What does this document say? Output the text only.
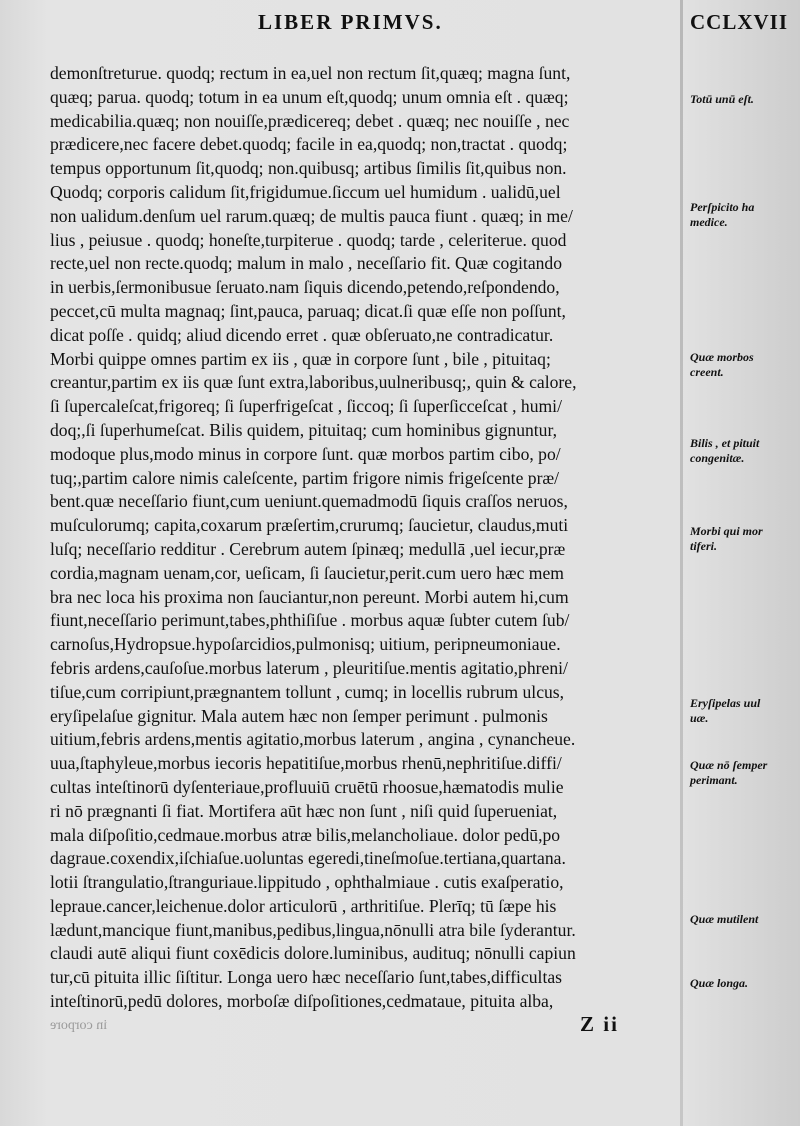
LIBER PRIMVS.	CCLXVII
demonſtreturue. quodq; rectum in ea,uel non rectum ſit,quæq; magna ſunt,
quæq; parua. quodq; totum in ea unum eſt,quodq; unum omnia eſt . quæq;
medicabilia.quæq; non nouiſſe,prædicereq; debet . quæq; nec nouiſſe , nec
prædicere,nec facere debet.quodq; facile in ea,quodq; non,tractat . quodq;
tempus opportunum ſit,quodq; non.quibusq; artibus ſimilis ſit,quibus non.
Quodq; corporis calidum ſit,frigidumue.ſiccum uel humidum . ualidū,uel
non ualidum.denſum uel rarum.quæq; de multis pauca fiunt . quæq; in me/
lius , peiusue . quodq; honeſte,turpiterue . quodq; tarde , celeriterue. quod
recte,uel non recte.quodq; malum in malo , neceſſario fit. Quæ cogitando
in uerbis,ſermonibusue ſeruato.nam ſiquis dicendo,petendo,reſpondendo,
peccet,cū multa magnaq; ſint,pauca, paruaq; dicat.ſi quæ eſſe non poſſunt,
dicat poſſe . quidq; aliud dicendo erret . quæ obſeruato,ne contradicatur.
Morbi quippe omnes partim ex iis , quæ in corpore ſunt , bile , pituitaq;
creantur,partim ex iis quæ ſunt extra,laboribus,uulneribusq;, quin & calore,
ſi ſupercaleſcat,frigoreq; ſi ſuperfrigeſcat , ſiccoq; ſi ſuperſicceſcat , humi/
doq;,ſi ſuperhumeſcat. Bilis quidem, pituitaq; cum hominibus gignuntur,
modoque plus,modo minus in corpore ſunt. quæ morbos partim cibo, po/
tuq;,partim calore nimis caleſcente, partim frigore nimis frigeſcente præ/
bent.quæ neceſſario fiunt,cum ueniunt.quemadmodū ſiquis craſſos neruos,
muſculorumq; capita,coxarum præſertim,crurumq; ſaucietur, claudus,muti
luſq; neceſſario redditur . Cerebrum autem ſpinæq; medullā ,uel iecur,præ
cordia,magnam uenam,cor, ueſicam, ſi ſaucietur,perit.cum uero hæc mem
bra nec loca his proxima non ſauciantur,non pereunt. Morbi autem hi,cum
fiunt,neceſſario perimunt,tabes,phthiſiſue . morbus aquæ ſubter cutem ſub/
carnoſus,Hydropsue.hypoſarcidios,pulmonisq; uitium, peripneumoniaue.
febris ardens,cauſoſue.morbus laterum , pleuritiſue.mentis agitatio,phreni/
tiſue,cum corripiunt,prægnantem tollunt , cumq; in locellis rubrum ulcus,
eryſipelaſue gignitur. Mala autem hæc non ſemper perimunt . pulmonis
uitium,febris ardens,mentis agitatio,morbus laterum , angina , cynancheue.
uua,ſtaphyleue,morbus iecoris hepatitiſue,morbus rhenū,nephritiſue.diffi/
cultas inteſtinorū dyſenteriaue,profluuiū cruētū rhoosue,hæmatodis mulie
ri nō prægnanti ſi fiat. Mortifera aūt hæc non ſunt , niſi quid ſuperueniat,
mala diſpoſitio,cedmaue.morbus atræ bilis,melancholiaue. dolor pedū,po
dagraue.coxendix,iſchiaſue.uoluntas egeredi,tineſmoſue.tertiana,quartana.
lotii ſtrangulatio,ſtranguriaue.lippitudo , ophthalmiaue . cutis exaſperatio,
lepraue.cancer,leichenue.dolor articulorū , arthritiſue. Plerīq; tū ſæpe his
lædunt,mancique fiunt,manibus,pedibus,lingua,nōnulli atra bile ſyderantur.
claudi autē aliqui fiunt coxēdicis dolore.luminibus, audituq; nōnulli capiun
tur,cū pituita illic ſiſtitur. Longa uero hæc neceſſario ſunt,tabes,difficultas
inteſtinorū,pedū dolores, morboſæ diſpoſitiones,cedmataue, pituita alba,
Totū unū eſt.
Perſpicito ha
medice.
Quæ morbos
creent.
Bilis , et pituit
congenitæ.
Morbi qui mor
tiferi.
Eryſipelas uul
uæ.
Quæ nō ſemper
perimant.
Quæ mutilent
Quæ longa.
in corpore	Z ii
